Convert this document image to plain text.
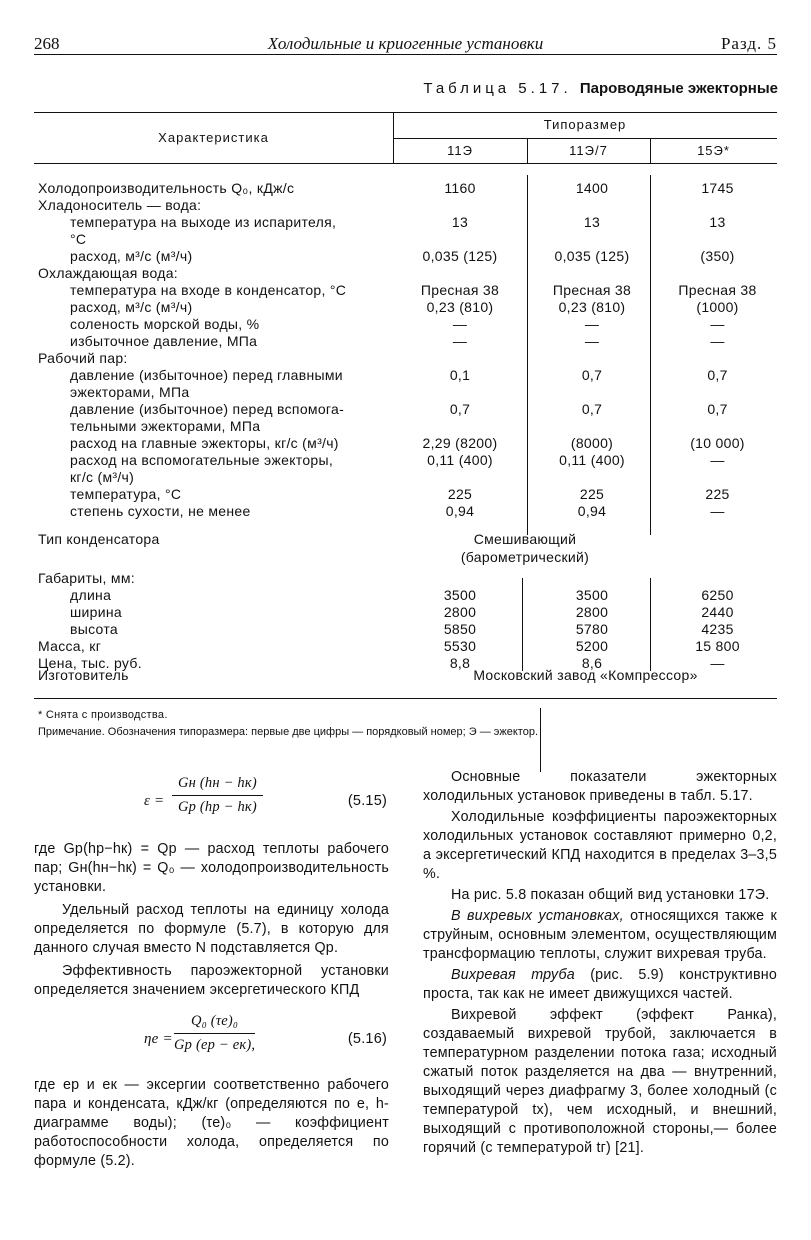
268	Холодильные и криогенные установки	Разд. 5
Таблица 5.17. Пароводяные эжекторные
Характеристика
Типоразмер
11Э	11Э/7	15Э*
Холодопроизводительность Q₀, кДж/с	1160	1400	1745
Хладоноситель — вода:
температура на выходе из испарителя,	13	13	13
°С
расход, м³/с (м³/ч)	0,035 (125)	0,035 (125)	(350)
Охлаждающая вода:
температура на входе в конденсатор, °С	Пресная 38	Пресная 38	Пресная 38
расход, м³/с (м³/ч)	0,23 (810)	0,23 (810)	(1000)
соленость морской воды, %	—	—	—
избыточное давление, МПа	—	—	—
Рабочий пар:
давление (избыточное) перед главными	0,1	0,7	0,7
эжекторами, МПа
давление (избыточное) перед вспомога-	0,7	0,7	0,7
тельными эжекторами, МПа
расход на главные эжекторы, кг/с (м³/ч)	2,29 (8200)	(8000)	(10 000)
расход на вспомогательные эжекторы,	0,11 (400)	0,11 (400)	—
кг/с (м³/ч)
температура, °С	225	225	225
степень сухости, не менее	0,94	0,94	—
Тип конденсатора	Смешивающий
(барометрический)
Габариты, мм:
длина	3500	3500	6250
ширина	2800	2800	2440
высота	5850	5780	4235
Масса, кг	5530	5200	15 800
Цена, тыс. руб.	8,8	8,6	—
Изготовитель	Московский завод «Компрессор»
* Снята с производства.
Примечание. Обозначения типоразмера: первые две цифры — порядковый номер; Э — эжектор.
ε =
Gн (hн − hк)
Gр (hр − hк)	(5.15)

где Gр(hр−hк) = Qр — расход теплоты рабочего пар; Gн(hн−hк) = Q₀ — холодопроизводительность установки.

Удельный расход теплоты на единицу холода определяется по формуле (5.7), в которую для данного случая вместо N подставляется Qр.

Эффективность пароэжекторной установки определяется значением эксергетического КПД

ηe =
Q₀ (τe)₀
Gр (eр − eк),	(5.16)

где eр и eк — эксергии соответственно рабочего пара и конденсата, кДж/кг (определяются по e, h-диаграмме воды); (τe)₀ — коэффициент работоспособности холода, определяется по формуле (5.2).

Основные показатели эжекторных холодильных установок приведены в табл. 5.17.

Холодильные коэффициенты пароэжекторных холодильных установок составляют примерно 0,2, а эксергетический КПД находится в пределах 3–3,5 %.

На рис. 5.8 показан общий вид установки 17Э.

В вихревых установках, относящихся также к струйным, основным элементом, осуществляющим трансформацию теплоты, служит вихревая труба.

Вихревая труба (рис. 5.9) конструктивно проста, так как не имеет движущихся частей.

Вихревой эффект (эффект Ранка), создаваемый вихревой трубой, заключается в температурном разделении потока газа; исходный сжатый поток разделяется на два — внутренний, выходящий через диафрагму 3, более холодный (с температурой tx), чем исходный, и внешний, выходящий с противоположной стороны,— более горячий (с температурой tг) [21].
